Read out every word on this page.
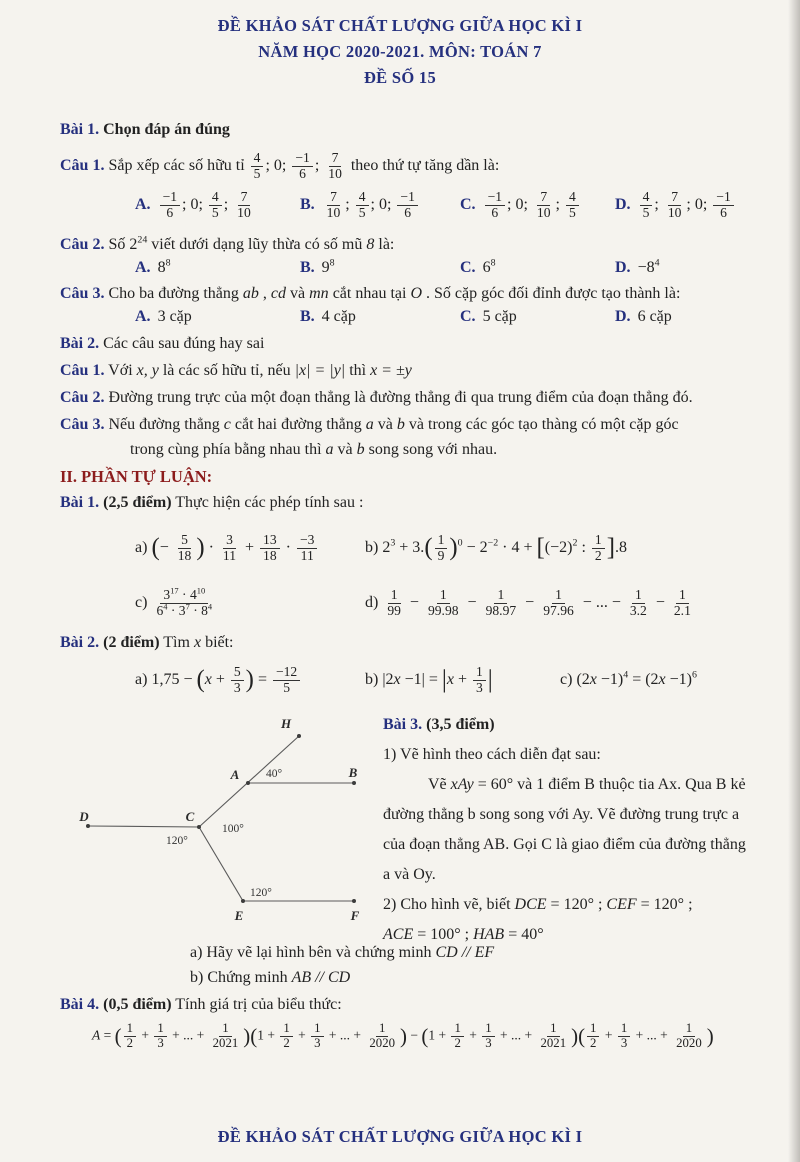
ĐỀ KHẢO SÁT CHẤT LƯỢNG GIỮA HỌC KÌ I
NĂM HỌC 2020-2021. MÔN: TOÁN 7
ĐỀ SỐ 15

Bài 1. Chọn đáp án đúng

Câu 1. Sắp xếp các số hữu tỉ $\frac{4}{5}$ ; 0; $\frac{-1}{6}$ ; $\frac{7}{10}$ theo thứ tự tăng dần là:

A. $\frac{-1}{6}$ ; 0; $\frac{4}{5}$ ; $\frac{7}{10}$	B. $\frac{7}{10}$ ; $\frac{4}{5}$ ; 0; $\frac{-1}{6}$	C. $\frac{-1}{6}$ ; 0; $\frac{7}{10}$ ; $\frac{4}{5} D$. $\frac{4}{5}$ ; $\frac{7}{10}$ ; 0; $\frac{-1}{6}$

Câu 2. Số $2^{24}$ viết dưới dạng lũy thừa có số mũ 8 là:

A. $8^8$	B. $9^8$	C. $6^8$	D. $-8^4$

Câu 3. Cho ba đường thẳng ab , cd và mn cắt nhau tại O . Số cặp góc đối đỉnh được tạo thành là:

A. 3 cặp	B. 4 cặp	C. 5 cặp	D. 6 cặp

Bài 2. Các câu sau đúng hay sai

Câu 1. Với x, y là các số hữu tỉ, nếu |x| = |y| thì x = ±y

Câu 2. Đường trung trực của một đoạn thẳng là đường thẳng đi qua trung điểm của đoạn thẳng đó.

Câu 3. Nếu đường thẳng c cắt hai đường thẳng a và b và trong các góc tạo thàng có một cặp góc

trong cùng phía bằng nhau thì a và b song song với nhau.

II. PHẦN TỰ LUẬN:

Bài 1. (2,5 điểm) Thực hiện các phép tính sau :

a) (− $\frac{5}{18}$ ) · $\frac{3}{11} + \frac{13}{18} \cdot \frac{-3}{11}$	b) $2^3 + 3.( \frac{1}{9} )^0 - 2^{-2} \cdot 4 + [(-2)^2$ : $\frac{1}{2} ].8$
$c) \frac{3^{17} \cdot 4^{10}}{6^4 \cdot 3^7 \cdot 8^4}$	$d) \frac{1}{99} - \frac{1}{99.98} - \frac{1}{98.97} - \frac{1}{97.96}$ − ... − $\frac{1}{3.2} - \frac{1}{2.1}$

Bài 2. (2 điểm) Tìm x biết:

a) $1,75 - (x + \frac{5}{3}$ ) = $\frac{-12}{5}$	b) $|2x -1| = |x + \frac{1}{3}$ |	c) $(2x -1)^4 = (2x -1)^6$
H
A	B
C
D
E	F
40°
100°
120°
120°
Bài 3. (3,5 điểm)
1) Vẽ hình theo cách diễn đạt sau:
Vẽ xAy = 60° và 1 điểm B thuộc tia Ax. Qua B kẻ
đường thẳng b song song với Ay. Vẽ đường trung trực a
của đoạn thẳng AB. Gọi C là giao điểm của đường thẳng
a và Oy.
2) Cho hình vẽ, biết DCE = 120° ; CEF = 120° ;
ACE = 100° ; HAB = 40°

a) Hãy vẽ lại hình bên và chứng minh CD // EF

b) Chứng minh AB // CD

Bài 4. (0,5 điểm) Tính giá trị của biểu thức:

A = ( $\frac{1}{2} + \frac{1}{3}$ + ... + $\frac{1}{2021} )(1 + \frac{1}{2} + \frac{1}{3}$ + ... + $\frac{1}{2020}$ ) − ($1 + \frac{1}{2} + \frac{1}{3}$ + ... + $\frac{1}{2021}$ )( $\frac{1}{2} + \frac{1}{3}$ + ... + $\frac{1}{2020}$ )
ĐỀ KHẢO SÁT CHẤT LƯỢNG GIỮA HỌC KÌ I
